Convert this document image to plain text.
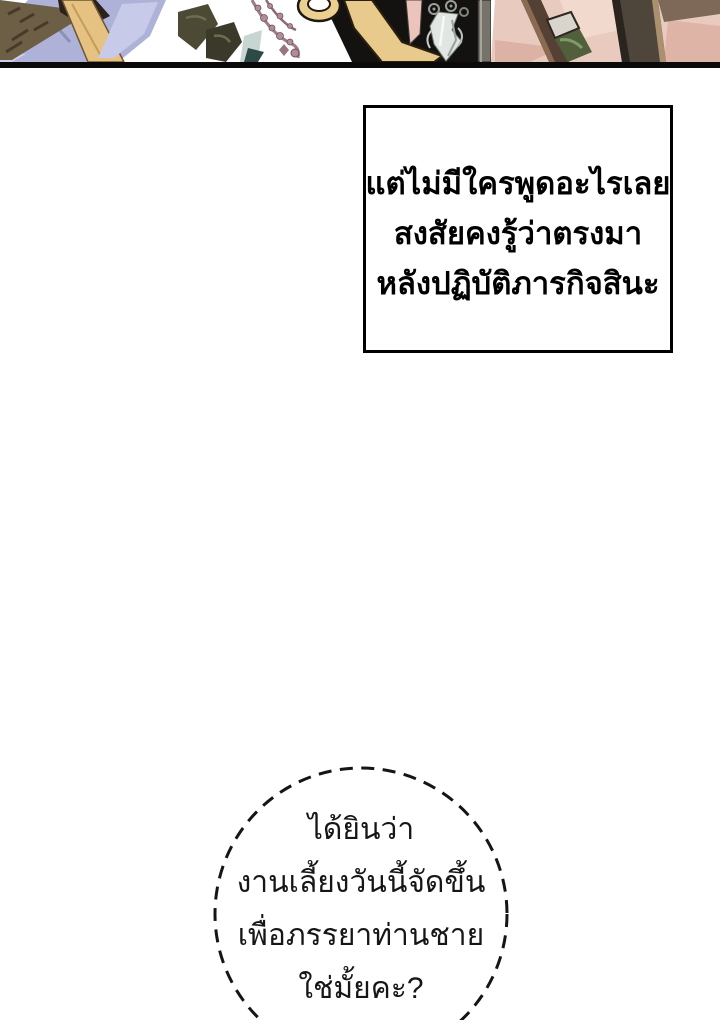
แต่ไม่มีใครพูดอะไรเลย
สงสัยคงรู้ว่าตรงมา
หลังปฏิบัติภารกิจสินะ
ได้ยินว่า
งานเลี้ยงวันนี้จัดขึ้น
เพื่อภรรยาท่านชาย
ใช่มั้ยคะ?
